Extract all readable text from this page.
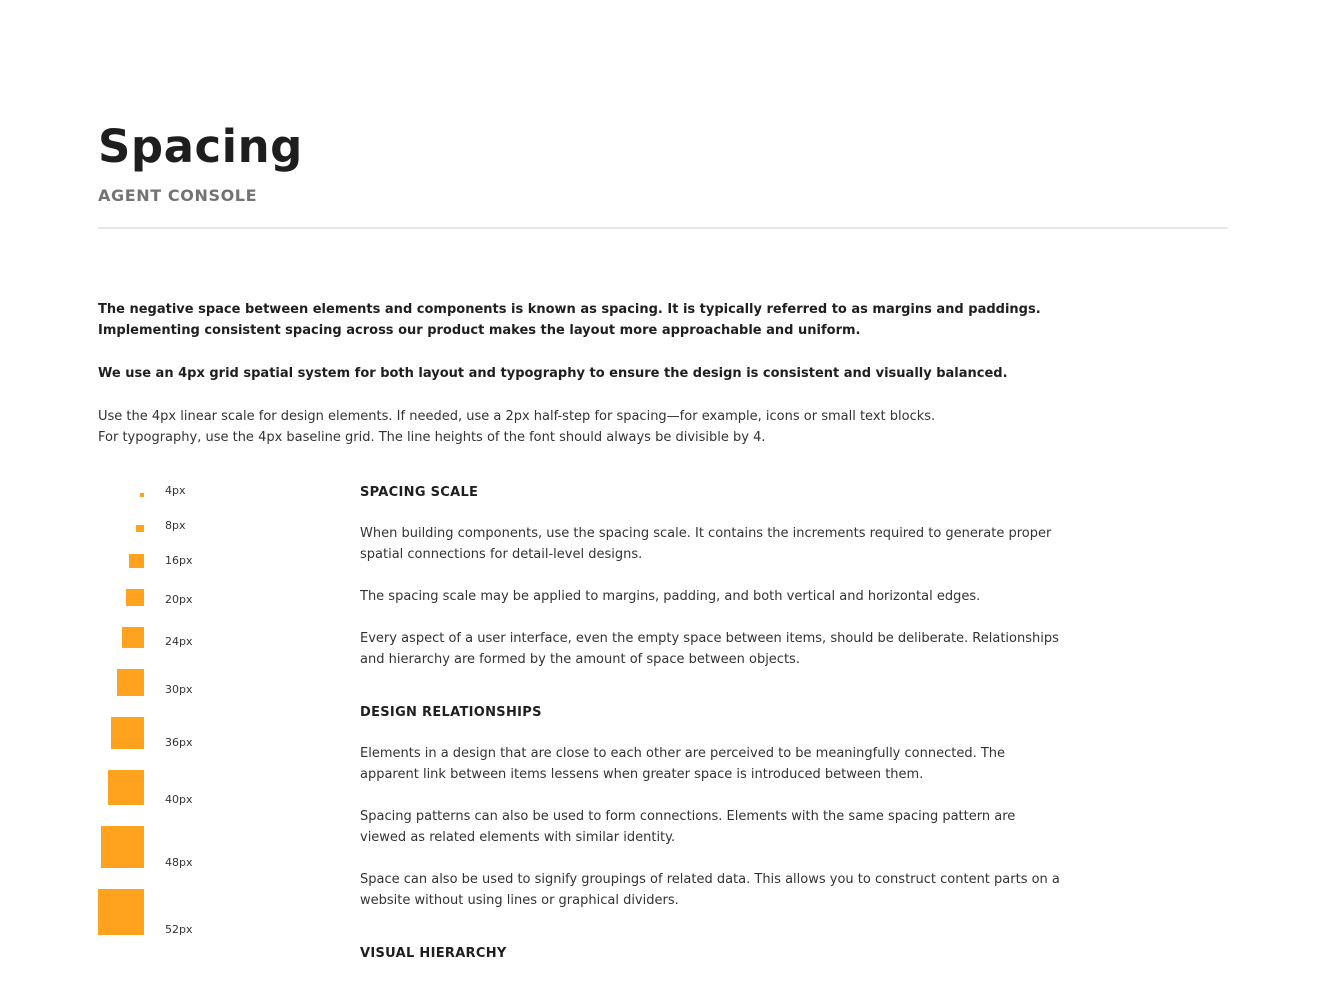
Spacing
AGENT CONSOLE

The negative space between elements and components is known as spacing. It is typically referred to as margins and paddings. Implementing consistent spacing across our product makes the layout more approachable and uniform.

We use an 4px grid spatial system for both layout and typography to ensure the design is consistent and visually balanced.

Use the 4px linear scale for design elements. If needed, use a 2px half-step for spacing—for example, icons or small text blocks.
For typography, use the 4px baseline grid. The line heights of the font should always be divisible by 4.

4px
8px
16px
20px
24px
30px
36px
40px
48px
52px
SPACING SCALE

When building components, use the spacing scale. It contains the increments required to generate proper spatial connections for detail-level designs.

The spacing scale may be applied to margins, padding, and both vertical and horizontal edges.

Every aspect of a user interface, even the empty space between items, should be deliberate. Relationships and hierarchy are formed by the amount of space between objects.

DESIGN RELATIONSHIPS

Elements in a design that are close to each other are perceived to be meaningfully connected. The apparent link between items lessens when greater space is introduced between them.

Spacing patterns can also be used to form connections. Elements with the same spacing pattern are viewed as related elements with similar identity.

Space can also be used to signify groupings of related data. This allows you to construct content parts on a website without using lines or graphical dividers.

VISUAL HIERARCHY
